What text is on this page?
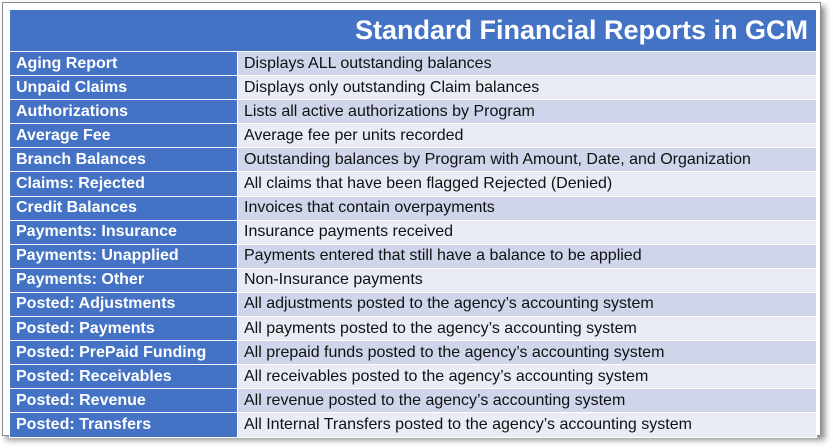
Standard Financial Reports in GCM	
Aging Report	Displays ALL outstanding balances
Unpaid Claims	Displays only outstanding Claim balances
Authorizations	Lists all active authorizations by Program
Average Fee	Average fee per units recorded
Branch Balances	Outstanding balances by Program with Amount, Date, and Organization
Claims: Rejected	All claims that have been flagged Rejected (Denied)
Credit Balances	Invoices that contain overpayments
Payments: Insurance	Insurance payments received
Payments: Unapplied	Payments entered that still have a balance to be applied
Payments: Other	Non-Insurance payments
Posted: Adjustments	All adjustments posted to the agency’s accounting system
Posted: Payments	All payments posted to the agency’s accounting system
Posted: PrePaid Funding	All prepaid funds posted to the agency’s accounting system
Posted: Receivables	All receivables posted to the agency’s accounting system
Posted: Revenue	All revenue posted to the agency’s accounting system
Posted: Transfers	All Internal Transfers posted to the agency’s accounting system
